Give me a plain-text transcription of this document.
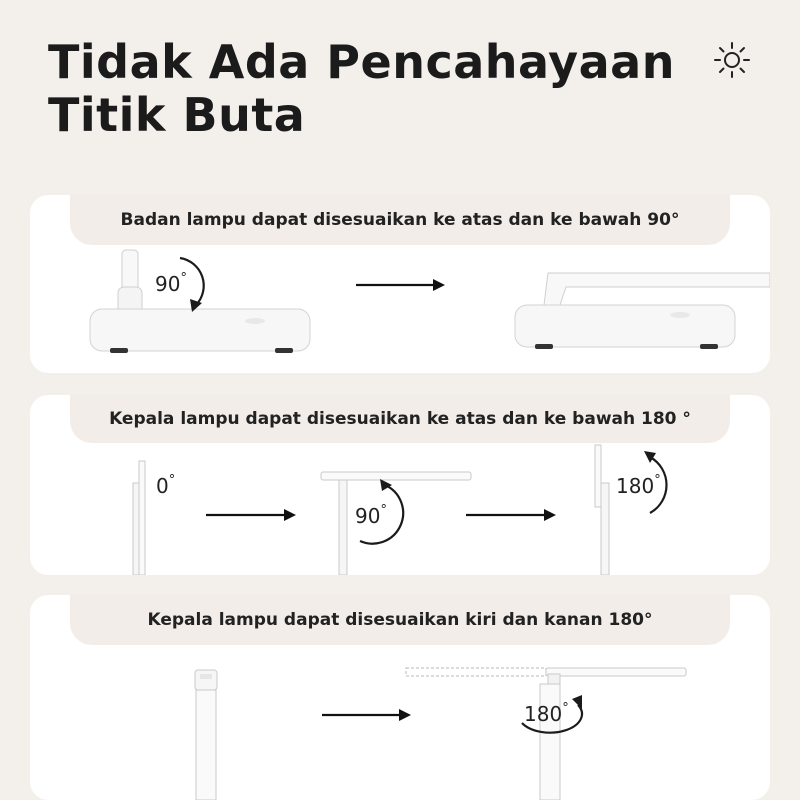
Tidak Ada Pencahayaan
Titik Buta
Badan lampu dapat disesuaikan ke atas dan ke bawah 90°
90°
Kepala lampu dapat disesuaikan ke atas dan ke bawah 180 °
0°
90°
180°
Kepala lampu dapat disesuaikan kiri dan kanan 180°
180°
